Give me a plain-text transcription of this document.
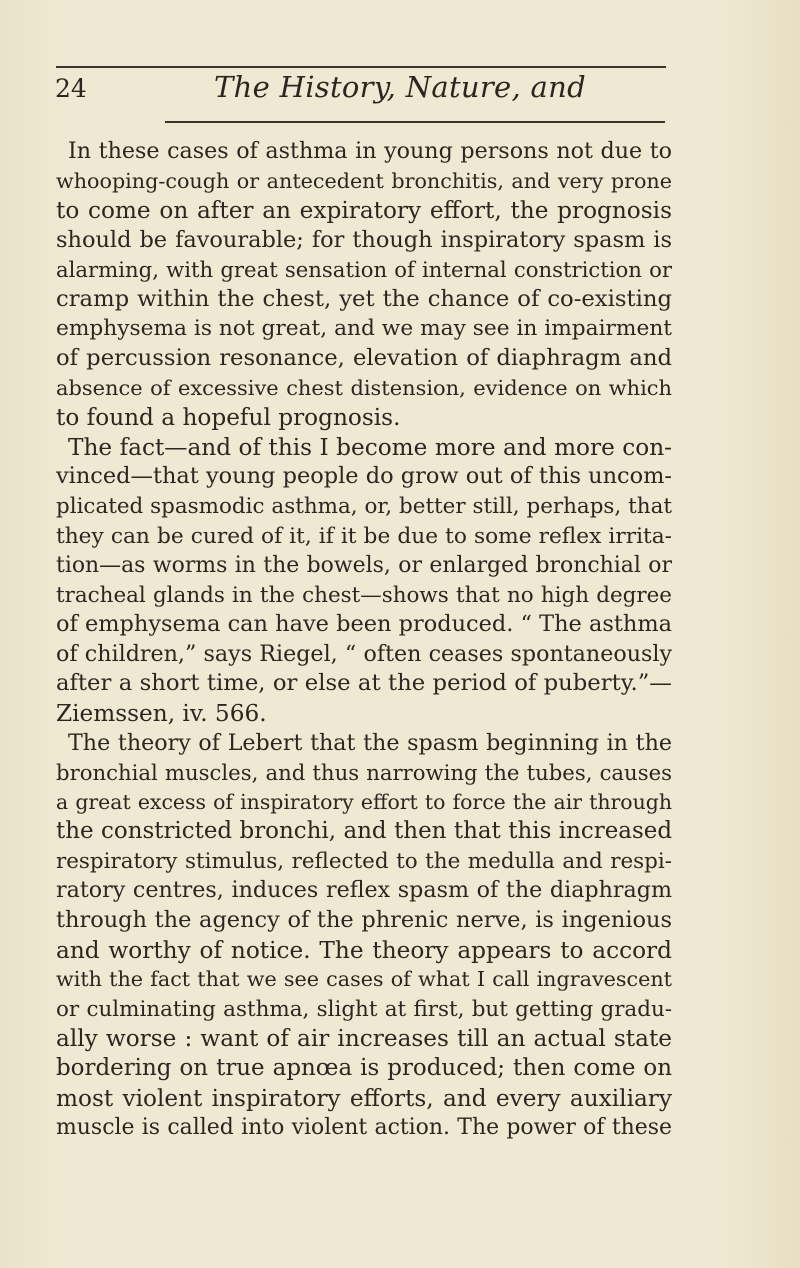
24	The History, Nature, and
In these cases of asthma in young persons not due to
whooping-cough or antecedent bronchitis, and very prone
to come on after an expiratory effort, the prognosis
should be favourable; for though inspiratory spasm is
alarming, with great sensation of internal constriction or
cramp within the chest, yet the chance of co-existing
emphysema is not great, and we may see in impairment
of percussion resonance, elevation of diaphragm and
absence of excessive chest distension, evidence on which
to found a hopeful prognosis.
The fact—and of this I become more and more con-
vinced—that young people do grow out of this uncom-
plicated spasmodic asthma, or, better still, perhaps, that
they can be cured of it, if it be due to some reflex irrita-
tion—as worms in the bowels, or enlarged bronchial or
tracheal glands in the chest—shows that no high degree
of emphysema can have been produced. “ The asthma
of children,” says Riegel, “ often ceases spontaneously
after a short time, or else at the period of puberty.”—
Ziemssen, iv. 566.
The theory of Lebert that the spasm beginning in the
bronchial muscles, and thus narrowing the tubes, causes
a great excess of inspiratory effort to force the air through
the constricted bronchi, and then that this increased
respiratory stimulus, reflected to the medulla and respi-
ratory centres, induces reflex spasm of the diaphragm
through the agency of the phrenic nerve, is ingenious
and worthy of notice. The theory appears to accord
with the fact that we see cases of what I call ingravescent
or culminating asthma, slight at first, but getting gradu-
ally worse : want of air increases till an actual state
bordering on true apnœa is produced; then come on
most violent inspiratory efforts, and every auxiliary
muscle is called into violent action. The power of these
